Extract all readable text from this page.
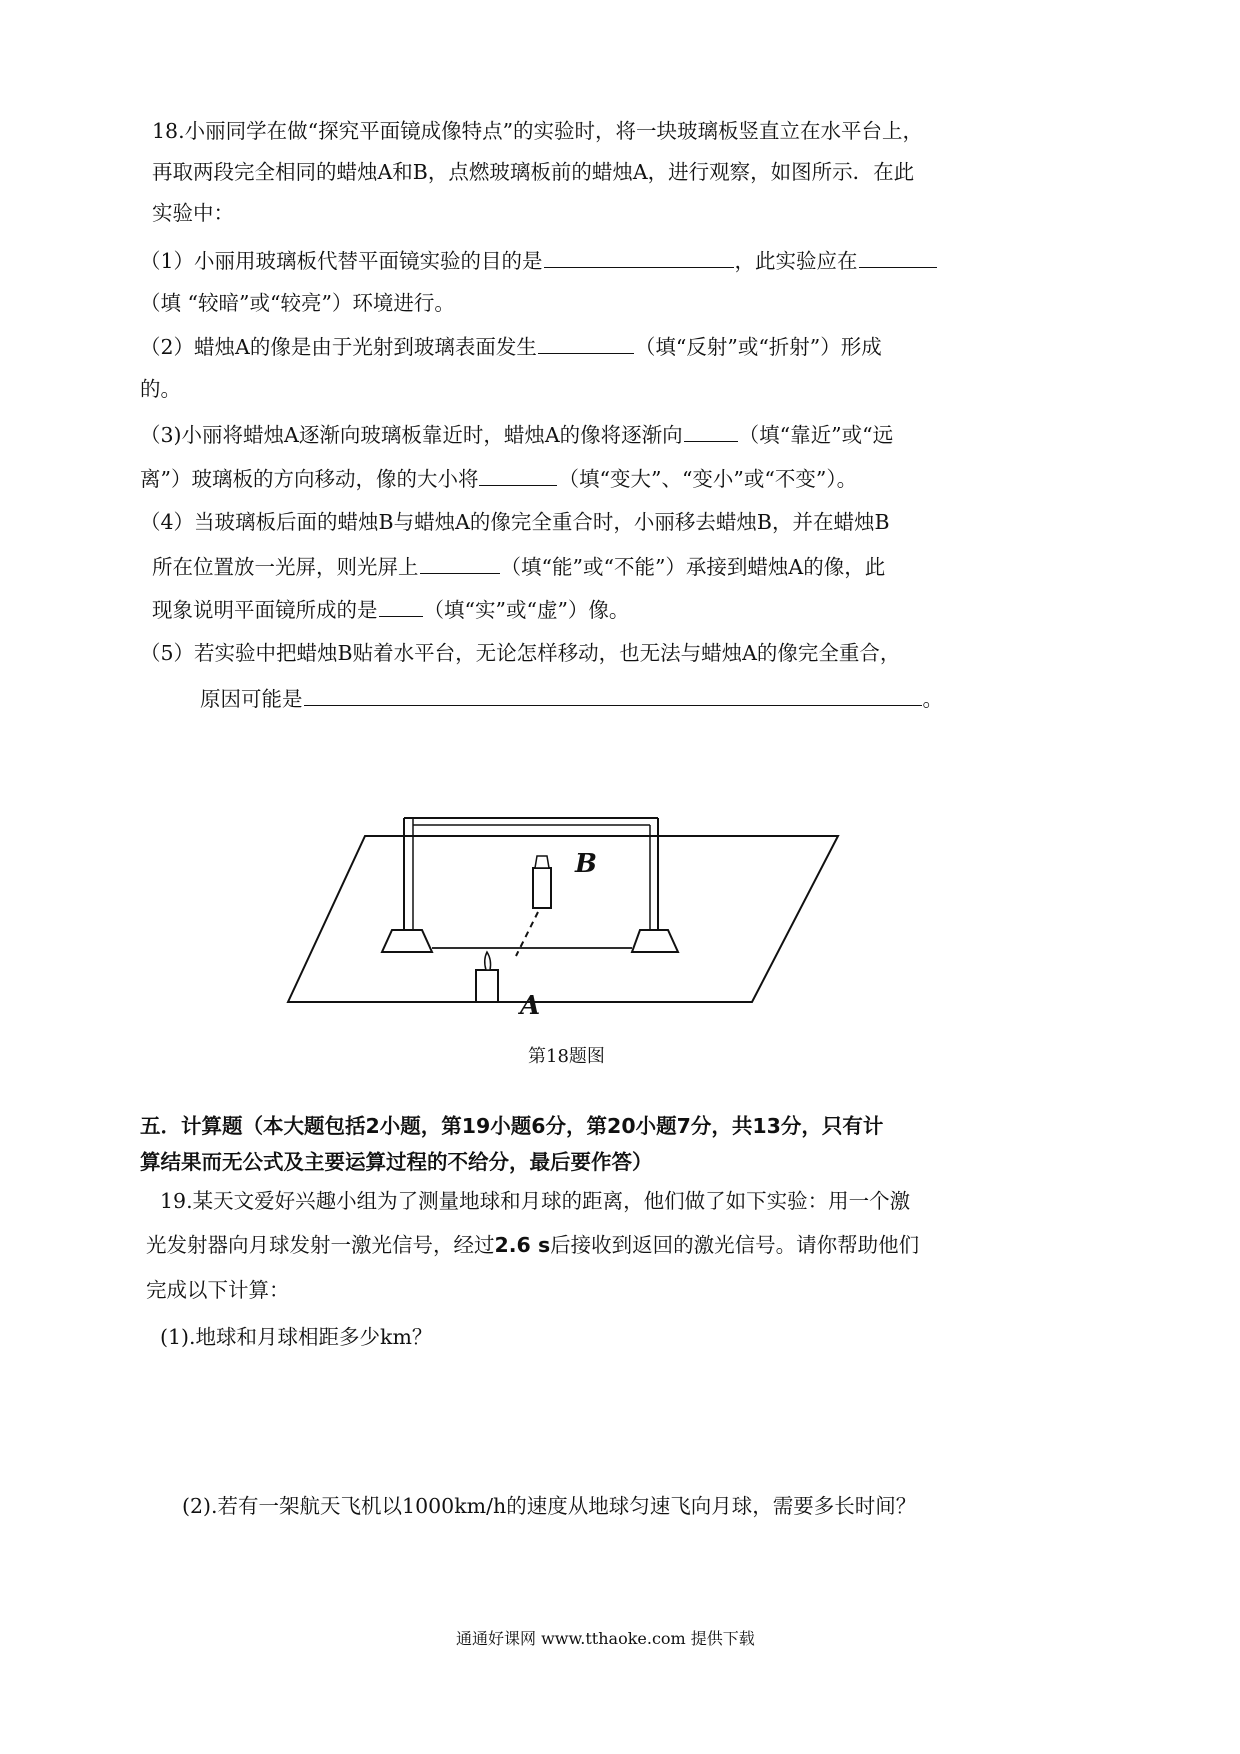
18.小丽同学在做“探究平面镜成像特点”的实验时，将一块玻璃板竖直立在水平台上，
再取两段完全相同的蜡烛A和B，点燃玻璃板前的蜡烛A，进行观察，如图所示．在此
实验中：
（1）小丽用玻璃板代替平面镜实验的目的是	，此实验应在
（填 “较暗”或“较亮”）环境进行。
（2）蜡烛A的像是由于光射到玻璃表面发生	（填“反射”或“折射”）形成
的。
（3)小丽将蜡烛A逐渐向玻璃板靠近时，蜡烛A的像将逐渐向	（填“靠近”或“远
离”）玻璃板的方向移动，像的大小将	（填“变大”、“变小”或“不变”）。
（4）当玻璃板后面的蜡烛B与蜡烛A的像完全重合时，小丽移去蜡烛B，并在蜡烛B
所在位置放一光屏，则光屏上	（填“能”或“不能”）承接到蜡烛A的像，此
现象说明平面镜所成的是 （填“实”或“虚”）像。
（5）若实验中把蜡烛B贴着水平台，无论怎样移动，也无法与蜡烛A的像完全重合，
原因可能是	。
B
A
第18题图
五．计算题（本大题包括2小题，第19小题6分，第20小题7分，共13分，只有计
算结果而无公式及主要运算过程的不给分，最后要作答）
19.某天文爱好兴趣小组为了测量地球和月球的距离，他们做了如下实验：用一个激
光发射器向月球发射一激光信号，经过2.6 s后接收到返回的激光信号。请你帮助他们
完成以下计算：
(1).地球和月球相距多少km？
(2).若有一架航天飞机以1000km/h的速度从地球匀速飞向月球，需要多长时间？
通通好课网 www.tthaoke.com 提供下载
